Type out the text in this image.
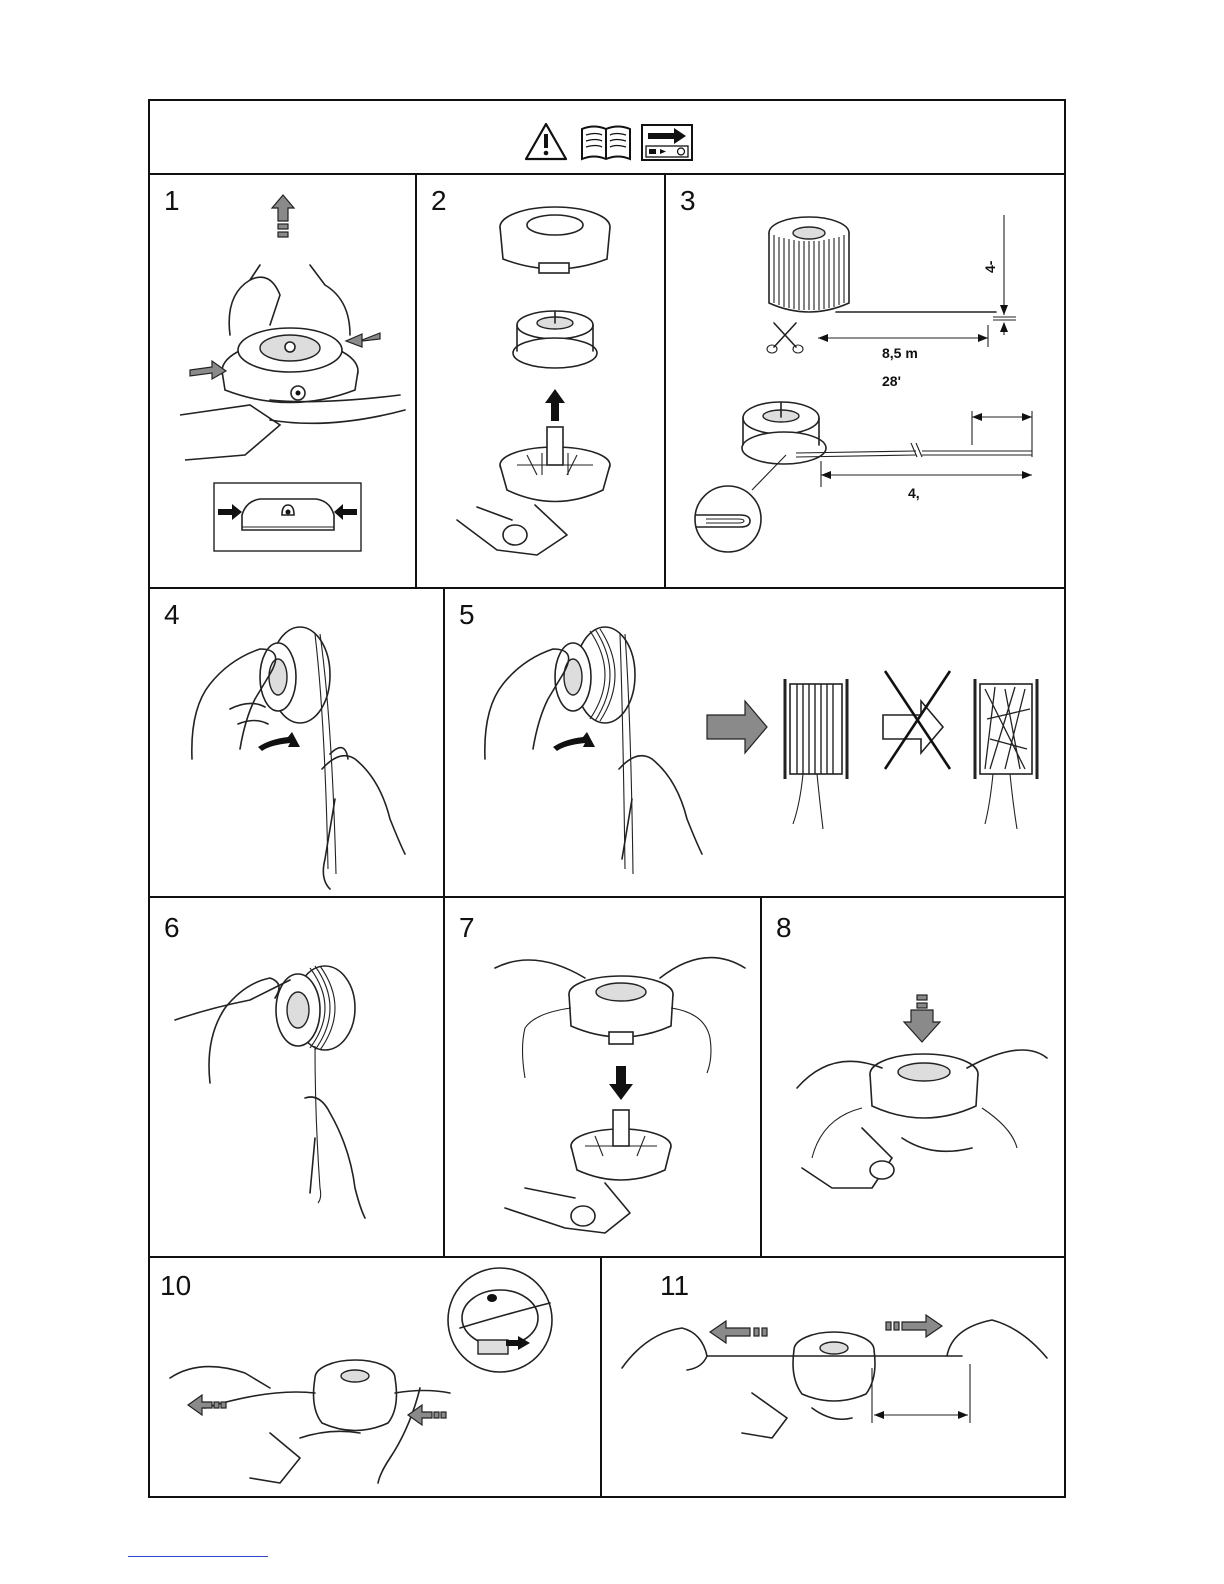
1	2	3
8,5 m
28'
4-
4,
4	5
6	7	8
10	11
